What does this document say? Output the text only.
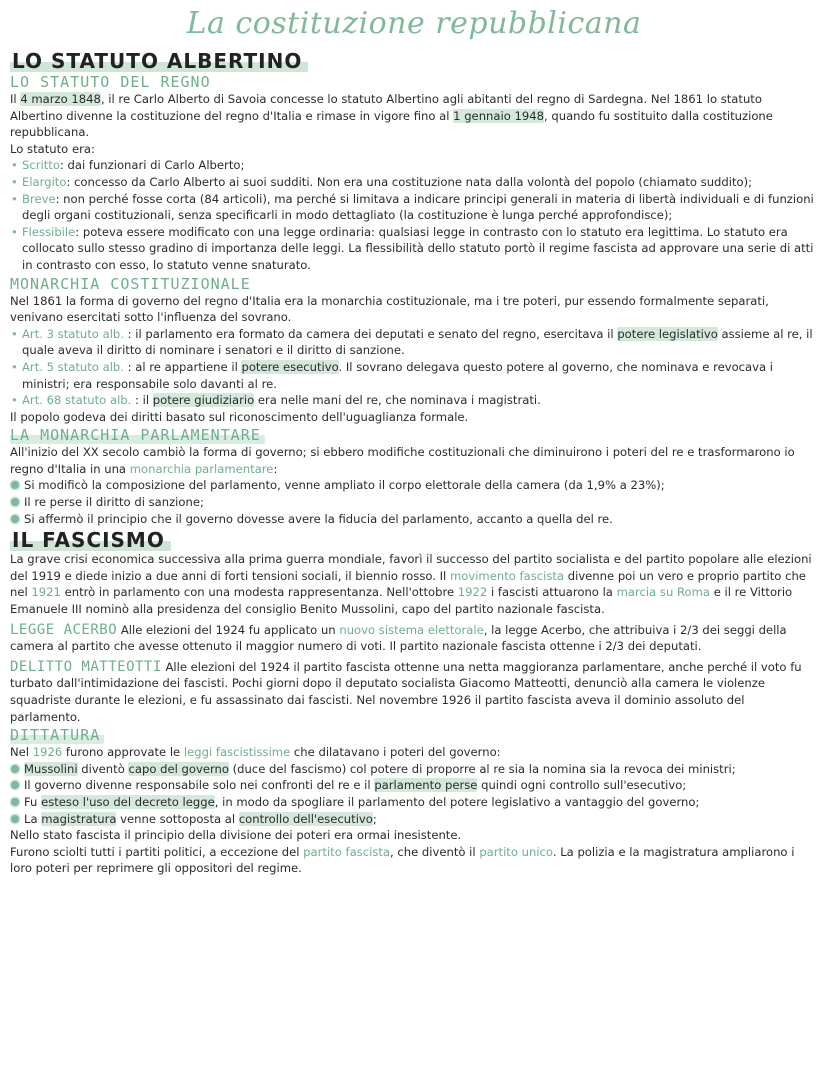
La costituzione repubblicana
LO STATUTO ALBERTINO
LO STATUTO DEL REGNO

Il 4 marzo 1848, il re Carlo Alberto di Savoia concesse lo statuto Albertino agli abitanti del regno di Sardegna. Nel 1861 lo statuto Albertino divenne la costituzione del regno d'Italia e rimase in vigore fino al 1 gennaio 1948, quando fu sostituito dalla costituzione repubblicana.

Lo statuto era:

• Scritto: dai funzionari di Carlo Alberto;
• Elargito: concesso da Carlo Alberto ai suoi sudditi. Non era una costituzione nata dalla volontà del popolo (chiamato suddito);
• Breve: non perché fosse corta (84 articoli), ma perché si limitava a indicare principi generali in materia di libertà individuali e di funzioni degli organi costituzionali, senza specificarli in modo dettagliato (la costituzione è lunga perché approfondisce);
• Flessibile: poteva essere modificato con una legge ordinaria: qualsiasi legge in contrasto con lo statuto era legittima. Lo statuto era collocato sullo stesso gradino di importanza delle leggi. La flessibilità dello statuto portò il regime fascista ad approvare una serie di atti in contrasto con esso, lo statuto venne snaturato.
MONARCHIA COSTITUZIONALE

Nel 1861 la forma di governo del regno d'Italia era la monarchia costituzionale, ma i tre poteri, pur essendo formalmente separati, venivano esercitati sotto l'influenza del sovrano.

• Art. 3 statuto alb. : il parlamento era formato da camera dei deputati e senato del regno, esercitava il potere legislativo assieme al re, il quale aveva il diritto di nominare i senatori e il diritto di sanzione.
• Art. 5 statuto alb. : al re appartiene il potere esecutivo. Il sovrano delegava questo potere al governo, che nominava e revocava i ministri; era responsabile solo davanti al re.
• Art. 68 statuto alb. : il potere giudiziario era nelle mani del re, che nominava i magistrati.

Il popolo godeva dei diritti basato sul riconoscimento dell'uguaglianza formale.

LA MONARCHIA PARLAMENTARE

All'inizio del XX secolo cambiò la forma di governo; si ebbero modifiche costituzionali che diminuirono i poteri del re e trasformarono io regno d'Italia in una monarchia parlamentare:

Si modificò la composizione del parlamento, venne ampliato il corpo elettorale della camera (da 1,9% a 23%);
Il re perse il diritto di sanzione;
Si affermò il principio che il governo dovesse avere la fiducia del parlamento, accanto a quella del re.
IL FASCISMO

La grave crisi economica successiva alla prima guerra mondiale, favorì il successo del partito socialista e del partito popolare alle elezioni del 1919 e diede inizio a due anni di forti tensioni sociali, il biennio rosso. Il movimento fascista divenne poi un vero e proprio partito che nel 1921 entrò in parlamento con una modesta rappresentanza. Nell'ottobre 1922 i fascisti attuarono la marcia su Roma e il re Vittorio Emanuele III nominò alla presidenza del consiglio Benito Mussolini, capo del partito nazionale fascista.

LEGGE ACERBO Alle elezioni del 1924 fu applicato un nuovo sistema elettorale, la legge Acerbo, che attribuiva i 2/3 dei seggi della camera al partito che avesse ottenuto il maggior numero di voti. Il partito nazionale fascista ottenne i 2/3 dei deputati.

DELITTO MATTEOTTI Alle elezioni del 1924 il partito fascista ottenne una netta maggioranza parlamentare, anche perché il voto fu turbato dall'intimidazione dei fascisti. Pochi giorni dopo il deputato socialista Giacomo Matteotti, denunciò alla camera le violenze squadriste durante le elezioni, e fu assassinato dai fascisti. Nel novembre 1926 il partito fascista aveva il dominio assoluto del parlamento.

DITTATURA

Nel 1926 furono approvate le leggi fascistissime che dilatavano i poteri del governo:

Mussolini diventò capo del governo (duce del fascismo) col potere di proporre al re sia la nomina sia la revoca dei ministri;
Il governo divenne responsabile solo nei confronti del re e il parlamento perse quindi ogni controllo sull'esecutivo;
Fu esteso l'uso del decreto legge, in modo da spogliare il parlamento del potere legislativo a vantaggio del governo;
La magistratura venne sottoposta al controllo dell'esecutivo;

Nello stato fascista il principio della divisione dei poteri era ormai inesistente.

Furono sciolti tutti i partiti politici, a eccezione del partito fascista, che diventò il partito unico. La polizia e la magistratura ampliarono i loro poteri per reprimere gli oppositori del regime.
